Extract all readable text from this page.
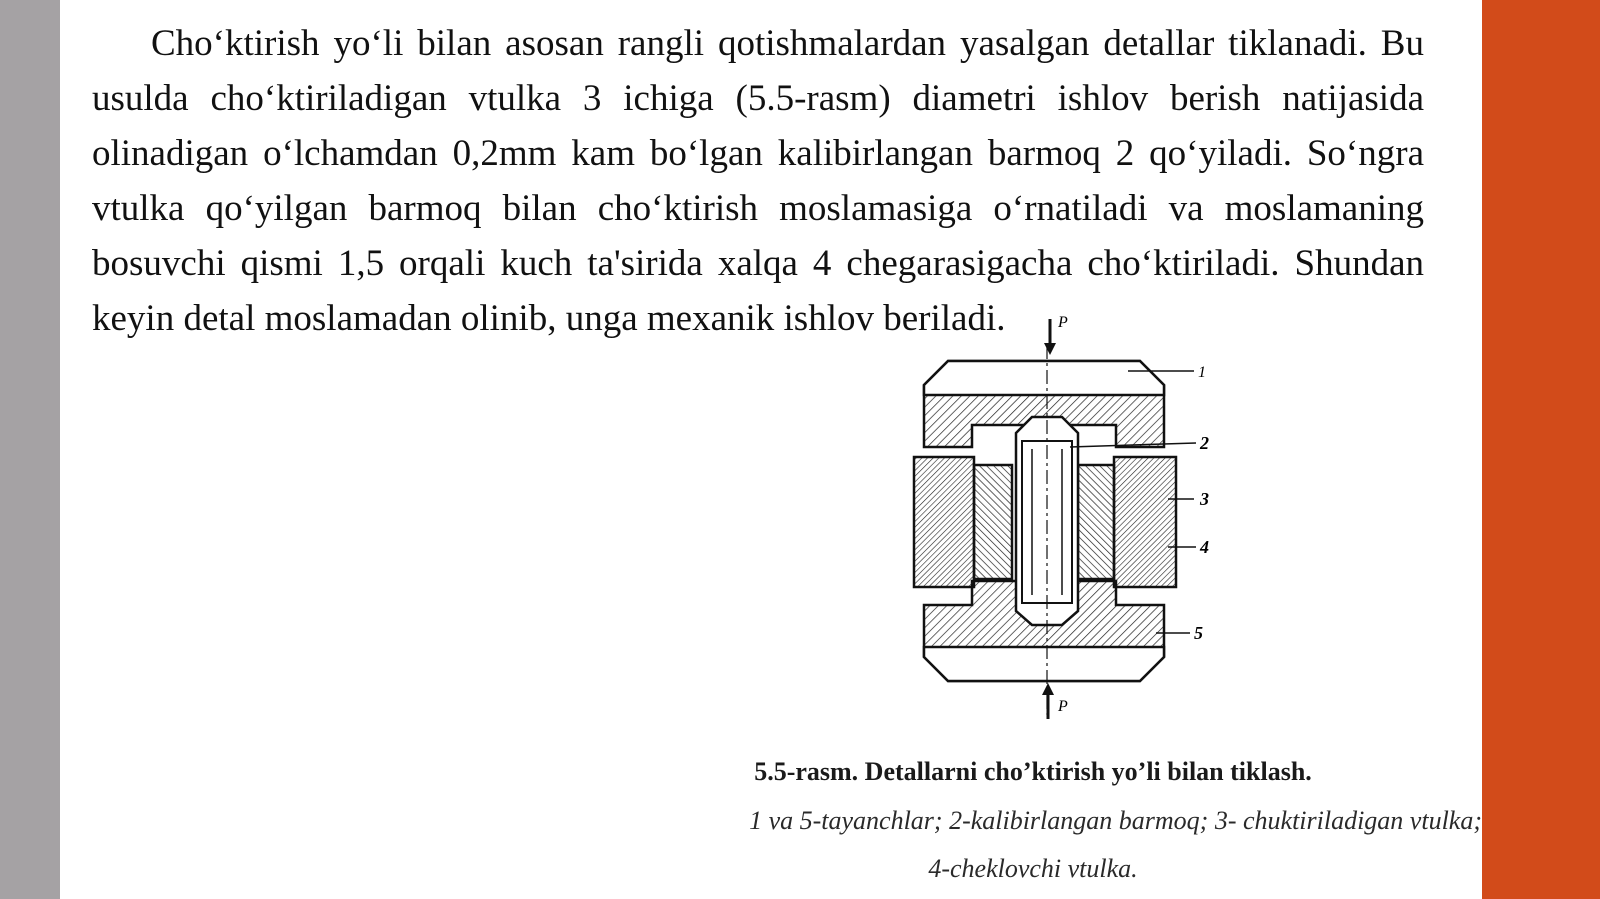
Cho‘ktirish yo‘li bilan asosan rangli qotishmalardan yasalgan detallar tiklanadi. Bu usulda cho‘ktiriladigan vtulka 3 ichiga (5.5-rasm) diametri ishlov berish natijasida olinadigan o‘lchamdan 0,2mm kam bo‘lgan kalibirlangan barmoq 2 qo‘yiladi. So‘ngra vtulka qo‘yilgan barmoq bilan cho‘ktirish moslamasiga o‘rnatiladi va moslamaning bosuvchi qismi 1,5 orqali kuch ta'sirida xalqa 4 chegarasigacha cho‘ktiriladi. Shundan keyin detal moslamadan olinib, unga mexanik ishlov beriladi.

1
2
3
4
5
P
P
5.5-rasm. Detallarni cho’ktirish yo’li bilan tiklash.
1 va 5-tayanchlar; 2-kalibirlangan barmoq; 3- chuktiriladigan vtulka;
4-cheklovchi vtulka.
